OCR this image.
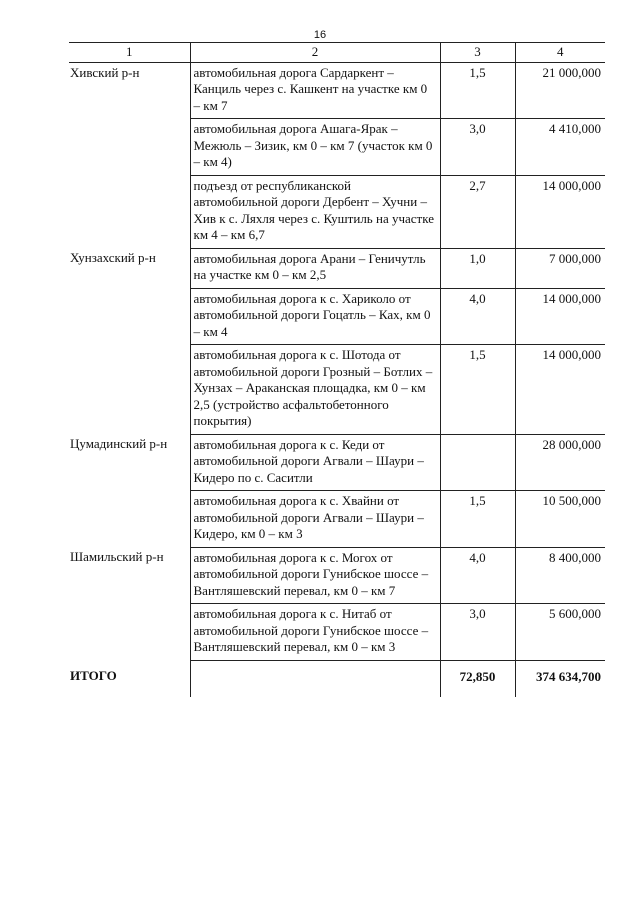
16
1	2	3	4
Хивский р-н	автомобильная дорога Сардаркент – Канциль через с. Кашкент на участке км 0 – км 7	1,5	21 000,000
	автомобильная дорога Ашага-Ярак – Межюль – Зизик, км 0 – км 7 (участок км 0 – км 4)	3,0	4 410,000
	подъезд от республиканской автомобильной дороги Дербент – Хучни – Хив к с. Ляхля через с. Куштиль на участке км 4 – км 6,7	2,7	14 000,000
Хунзахский р-н	автомобильная дорога Арани – Геничутль на участке км 0 – км 2,5	1,0	7 000,000
	автомобильная дорога к с. Хариколо от автомобильной дороги Гоцатль – Ках, км 0 – км 4	4,0	14 000,000
	автомобильная дорога к с. Шотода от автомобильной дороги Грозный – Ботлих – Хунзах – Араканская площадка, км 0 – км 2,5 (устройство асфальтобетонного покрытия)	1,5	14 000,000
Цумадинский р-н	автомобильная дорога к с. Кеди от автомобильной дороги Агвали – Шаури – Кидеро по с. Саситли		28 000,000
	автомобильная дорога к с. Хвайни от автомобильной дороги Агвали – Шаури – Кидеро, км 0 – км 3	1,5	10 500,000
Шамильский р-н	автомобильная дорога к с. Могох от автомобильной дороги Гунибское шоссе – Вантляшевский перевал, км 0 – км 7	4,0	8 400,000
	автомобильная дорога к с. Нитаб от автомобильной дороги Гунибское шоссе – Вантляшевский перевал, км 0 – км 3	3,0	5 600,000
ИТОГО		72,850	374 634,700
